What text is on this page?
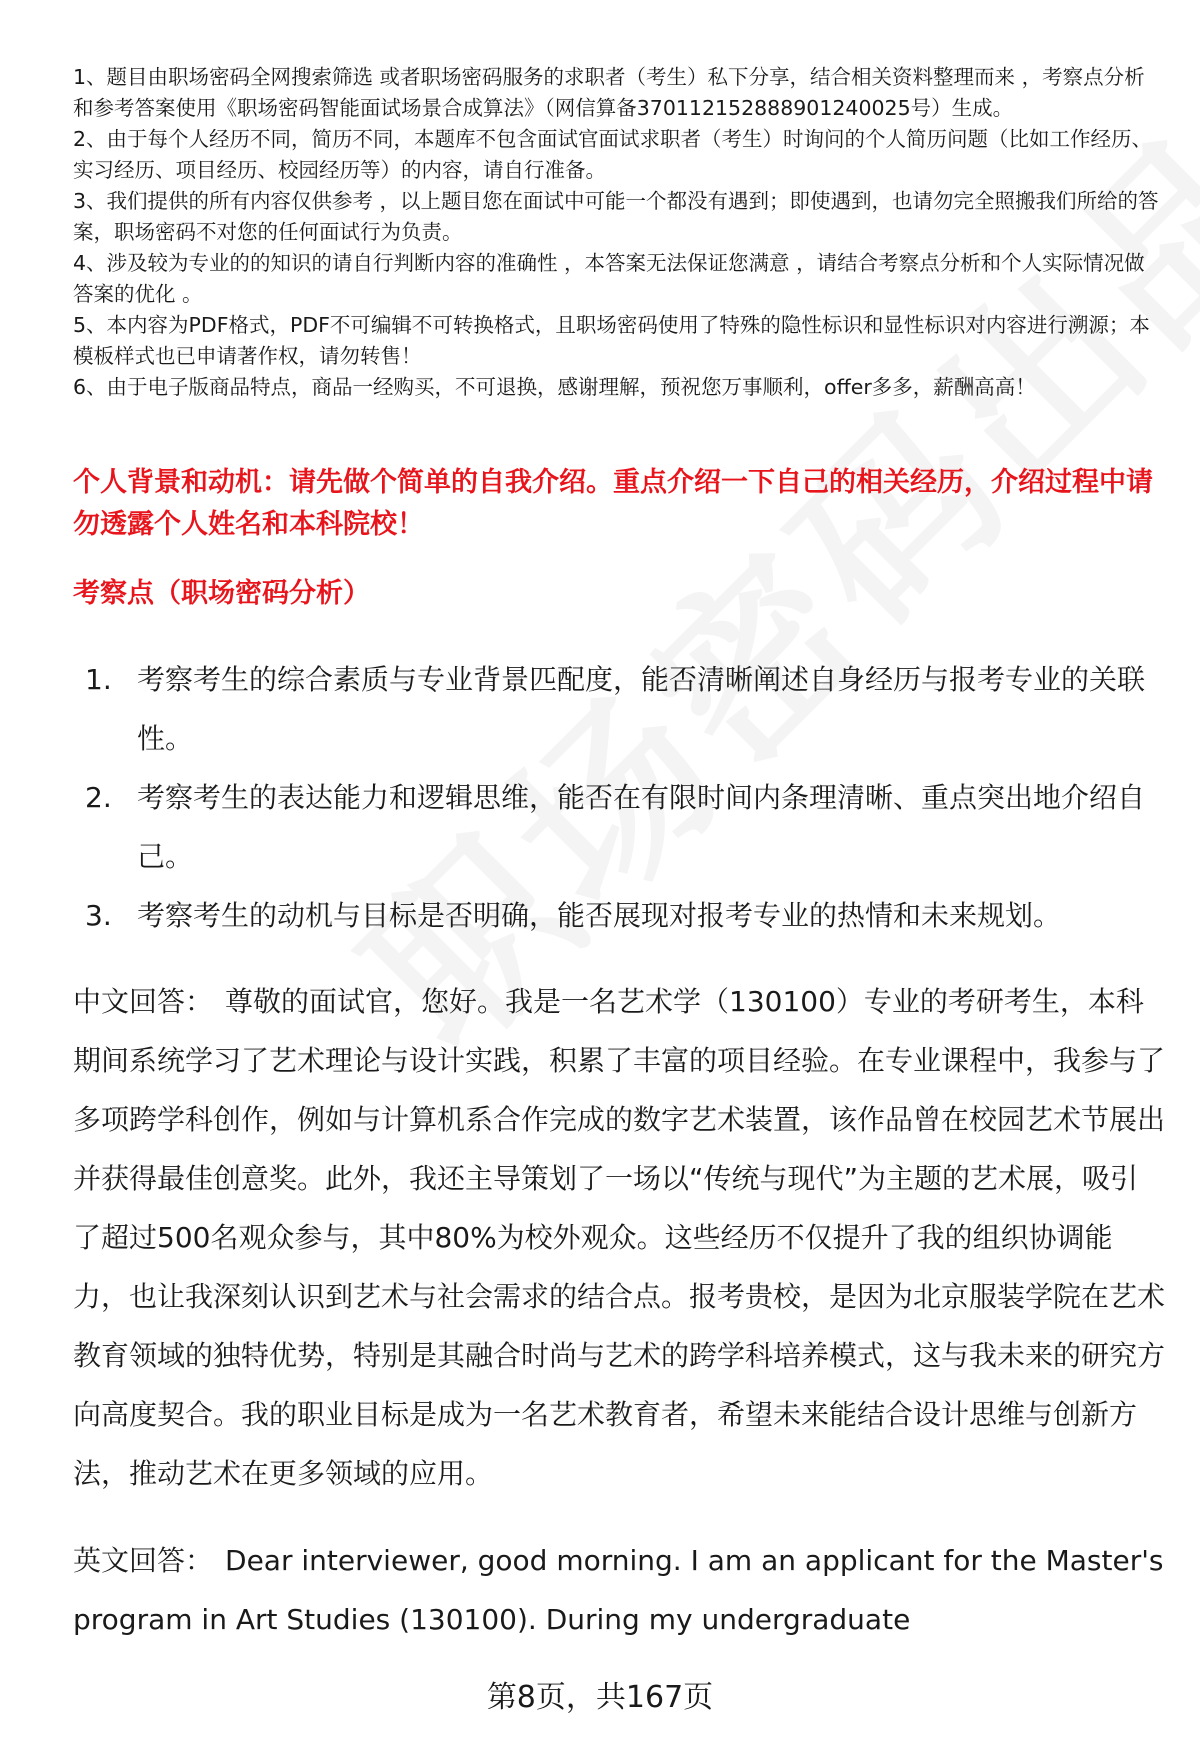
1、题目由职场密码全网搜索筛选 或者职场密码服务的求职者（考生）私下分享，结合相关资料整理而来 ，考察点分析和参考答案使用《职场密码智能面试场景合成算法》（网信算备370112152888901240025号）生成。

2、由于每个人经历不同，简历不同，本题库不包含面试官面试求职者（考生）时询问的个人简历问题（比如工作经历、实习经历、项目经历、校园经历等）的内容，请自行准备。

3、我们提供的所有内容仅供参考 ，以上题目您在面试中可能一个都没有遇到；即使遇到，也请勿完全照搬我们所给的答案，职场密码不对您的任何面试行为负责。

4、涉及较为专业的的知识的请自行判断内容的准确性 ，本答案无法保证您满意 ，请结合考察点分析和个人实际情况做答案的优化 。

5、本内容为PDF格式，PDF不可编辑不可转换格式，且职场密码使用了特殊的隐性标识和显性标识对内容进行溯源；本模板样式也已申请著作权，请勿转售！

6、由于电子版商品特点，商品一经购买，不可退换，感谢理解，预祝您万事顺利，offer多多，薪酬高高！

个人背景和动机：请先做个简单的自我介绍。重点介绍一下自己的相关经历，介绍过程中请勿透露个人姓名和本科院校！
考察点（职场密码分析）
1. 考察考生的综合素质与专业背景匹配度，能否清晰阐述自身经历与报考专业的关联性。
2. 考察考生的表达能力和逻辑思维，能否在有限时间内条理清晰、重点突出地介绍自己。
3. 考察考生的动机与目标是否明确，能否展现对报考专业的热情和未来规划。

中文回答： 尊敬的面试官，您好。我是一名艺术学（130100）专业的考研考生，本科期间系统学习了艺术理论与设计实践，积累了丰富的项目经验。在专业课程中，我参与了多项跨学科创作，例如与计算机系合作完成的数字艺术装置，该作品曾在校园艺术节展出并获得最佳创意奖。此外，我还主导策划了一场以“传统与现代”为主题的艺术展，吸引了超过500名观众参与，其中80%为校外观众。这些经历不仅提升了我的组织协调能力，也让我深刻认识到艺术与社会需求的结合点。报考贵校，是因为北京服装学院在艺术教育领域的独特优势，特别是其融合时尚与艺术的跨学科培养模式，这与我未来的研究方向高度契合。我的职业目标是成为一名艺术教育者，希望未来能结合设计思维与创新方法，推动艺术在更多领域的应用。

英文回答： Dear interviewer, good morning. I am an applicant for the Master's program in Art Studies (130100). During my undergraduate

第8页，共167页
